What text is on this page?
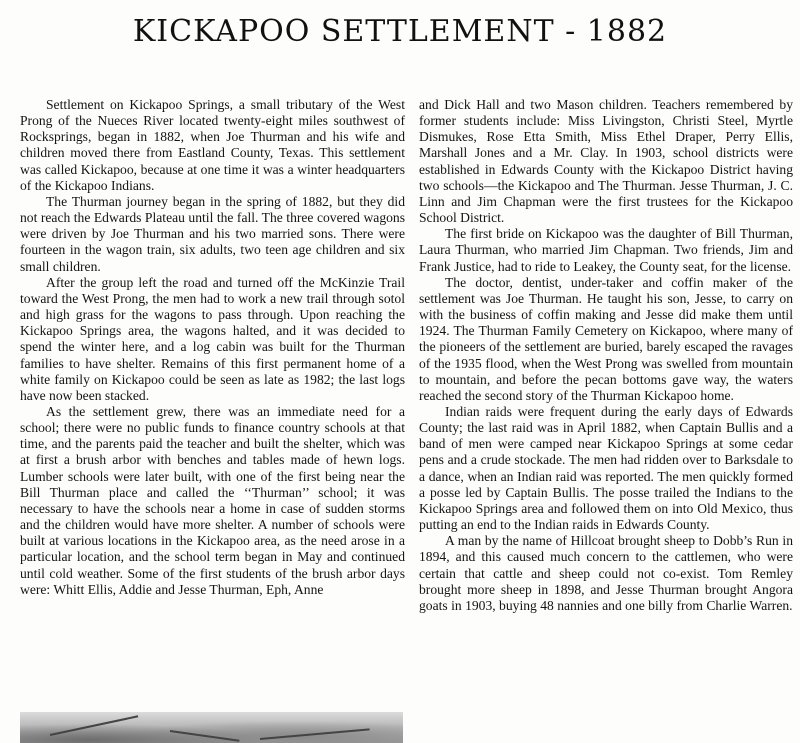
KICKAPOO SETTLEMENT - 1882

Settlement on Kickapoo Springs, a small tributary of the West Prong of the Nueces River located twenty-eight miles southwest of Rocksprings, began in 1882, when Joe Thurman and his wife and children moved there from Eastland County, Texas. This settlement was called Kickapoo, because at one time it was a winter headquarters of the Kickapoo Indians.

The Thurman journey began in the spring of 1882, but they did not reach the Edwards Plateau until the fall. The three covered wagons were driven by Joe Thurman and his two married sons. There were fourteen in the wagon train, six adults, two teen age children and six small children.

After the group left the road and turned off the McKinzie Trail toward the West Prong, the men had to work a new trail through sotol and high grass for the wagons to pass through. Upon reaching the Kickapoo Springs area, the wagons halted, and it was decided to spend the winter here, and a log cabin was built for the Thurman families to have shelter. Remains of this first permanent home of a white family on Kickapoo could be seen as late as 1982; the last logs have now been stacked.

As the settlement grew, there was an immediate need for a school; there were no public funds to finance country schools at that time, and the parents paid the teacher and built the shelter, which was at first a brush arbor with benches and tables made of hewn logs. Lumber schools were later built, with one of the first being near the Bill Thurman place and called the ‘‘Thurman’’ school; it was necessary to have the schools near a home in case of sudden storms and the children would have more shelter. A number of schools were built at various locations in the Kickapoo area, as the need arose in a particular location, and the school term began in May and continued until cold weather. Some of the first students of the brush arbor days were: Whitt Ellis, Addie and Jesse Thurman, Eph, Anne

and Dick Hall and two Mason children. Teachers remembered by former students include: Miss Livingston, Christi Steel, Myrtle Dismukes, Rose Etta Smith, Miss Ethel Draper, Perry Ellis, Marshall Jones and a Mr. Clay. In 1903, school districts were established in Edwards County with the Kickapoo District having two schools—the Kickapoo and The Thurman. Jesse Thurman, J. C. Linn and Jim Chapman were the first trustees for the Kickapoo School District.

The first bride on Kickapoo was the daughter of Bill Thurman, Laura Thurman, who married Jim Chapman. Two friends, Jim and Frank Justice, had to ride to Leakey, the County seat, for the license.

The doctor, dentist, under-taker and coffin maker of the settlement was Joe Thurman. He taught his son, Jesse, to carry on with the business of coffin making and Jesse did make them until 1924. The Thurman Family Cemetery on Kickapoo, where many of the pioneers of the settlement are buried, barely escaped the ravages of the 1935 flood, when the West Prong was swelled from mountain to mountain, and before the pecan bottoms gave way, the waters reached the second story of the Thurman Kickapoo home.

Indian raids were frequent during the early days of Edwards County; the last raid was in April 1882, when Captain Bullis and a band of men were camped near Kickapoo Springs at some cedar pens and a crude stockade. The men had ridden over to Barksdale to a dance, when an Indian raid was reported. The men quickly formed a posse led by Captain Bullis. The posse trailed the Indians to the Kickapoo Springs area and followed them on into Old Mexico, thus putting an end to the Indian raids in Edwards County.

A man by the name of Hillcoat brought sheep to Dobb’s Run in 1894, and this caused much concern to the cattlemen, who were certain that cattle and sheep could not co-exist. Tom Remley brought more sheep in 1898, and Jesse Thurman brought Angora goats in 1903, buying 48 nannies and one billy from Charlie Warren.
